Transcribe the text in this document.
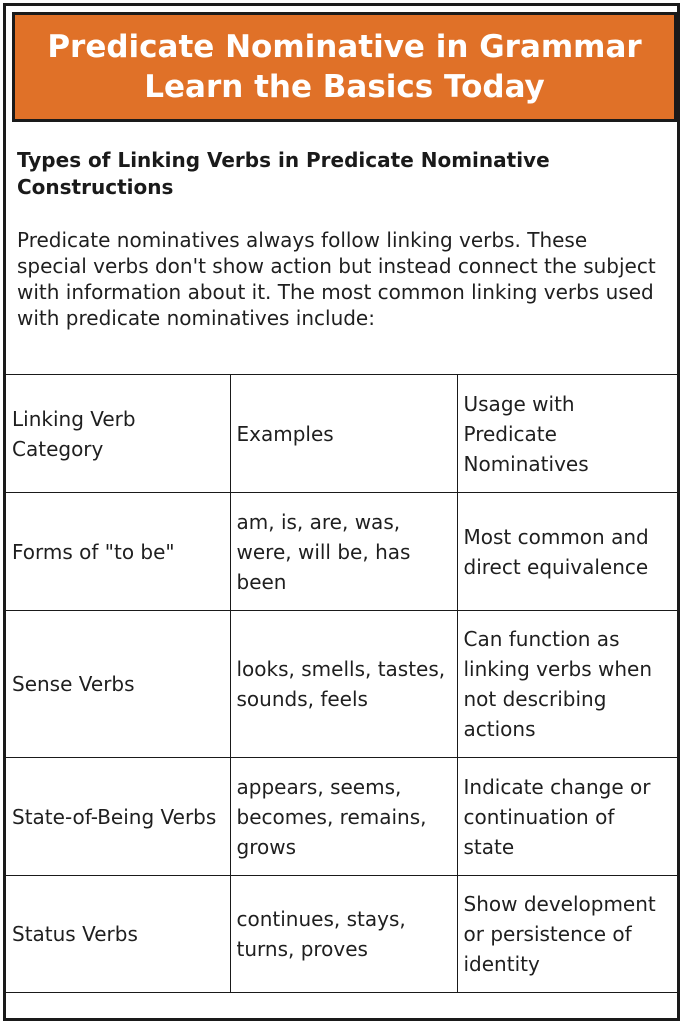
Predicate Nominative in Grammar Learn the Basics Today
Types of Linking Verbs in Predicate Nominative Constructions

Predicate nominatives always follow linking verbs. These special verbs don't show action but instead connect the subject with information about it. The most common linking verbs used with predicate nominatives include:

Linking Verb Category	Examples	Usage with Predicate Nominatives
Forms of "to be"	am, is, are, was, were, will be, has been	Most common and direct equivalence
Sense Verbs	looks, smells, tastes, sounds, feels	Can function as linking verbs when not describing actions
State-of-Being Verbs	appears, seems, becomes, remains, grows	Indicate change or continuation of state
Status Verbs	continues, stays, turns, proves	Show development or persistence of identity
